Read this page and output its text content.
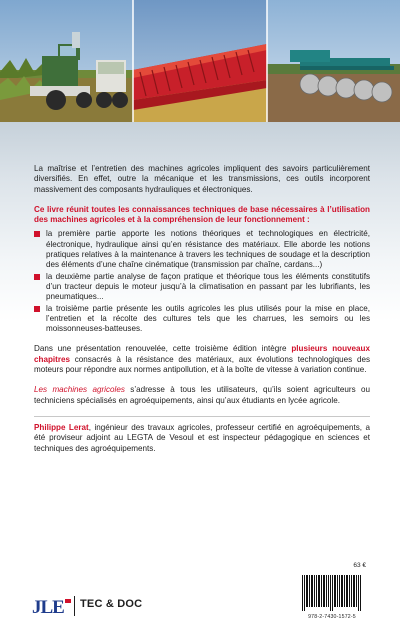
La maîtrise et l’entretien des machines agricoles impliquent des savoirs particulièrement diversifiés. En effet, outre la mécanique et les transmissions, ces outils incorporent massivement des composants hydrauliques et électroniques.

Ce livre réunit toutes les connaissances techniques de base nécessaires à l’utilisation des machines agricoles et à la compréhension de leur fonctionnement :

la première partie apporte les notions théoriques et technologiques en électricité, électronique, hydraulique ainsi qu’en résistance des matériaux. Elle aborde les notions pratiques relatives à la maintenance à travers les techniques de soudage et la description des éléments d’une chaîne cinématique (transmission par chaîne, cardans...)
la deuxième partie analyse de façon pratique et théorique tous les éléments constitutifs d’un tracteur depuis le moteur jusqu’à la climatisation en passant par les lubrifiants, les pneumatiques...
la troisième partie présente les outils agricoles les plus utilisés pour la mise en place, l’entretien et la récolte des cultures tels que les charrues, les semoirs ou les moissonneuses-batteuses.

Dans une présentation renouvelée, cette troisième édition intègre plusieurs nouveaux chapitres consacrés à la résistance des matériaux, aux évolutions technologiques des moteurs pour répondre aux normes antipollution, et à la boîte de vitesse à variation continue.

Les machines agricoles s’adresse à tous les utilisateurs, qu’ils soient agriculteurs ou techniciens spécialisés en agroéquipements, ainsi qu’aux étudiants en lycée agricole.

Philippe Lerat, ingénieur des travaux agricoles, professeur certifié en agroéquipements, a été proviseur adjoint au LEGTA de Vesoul et est inspecteur pédagogique en sciences et techniques des agroéquipements.

63 €
978-2-7430-1572-5
JLE TEC & DOC
